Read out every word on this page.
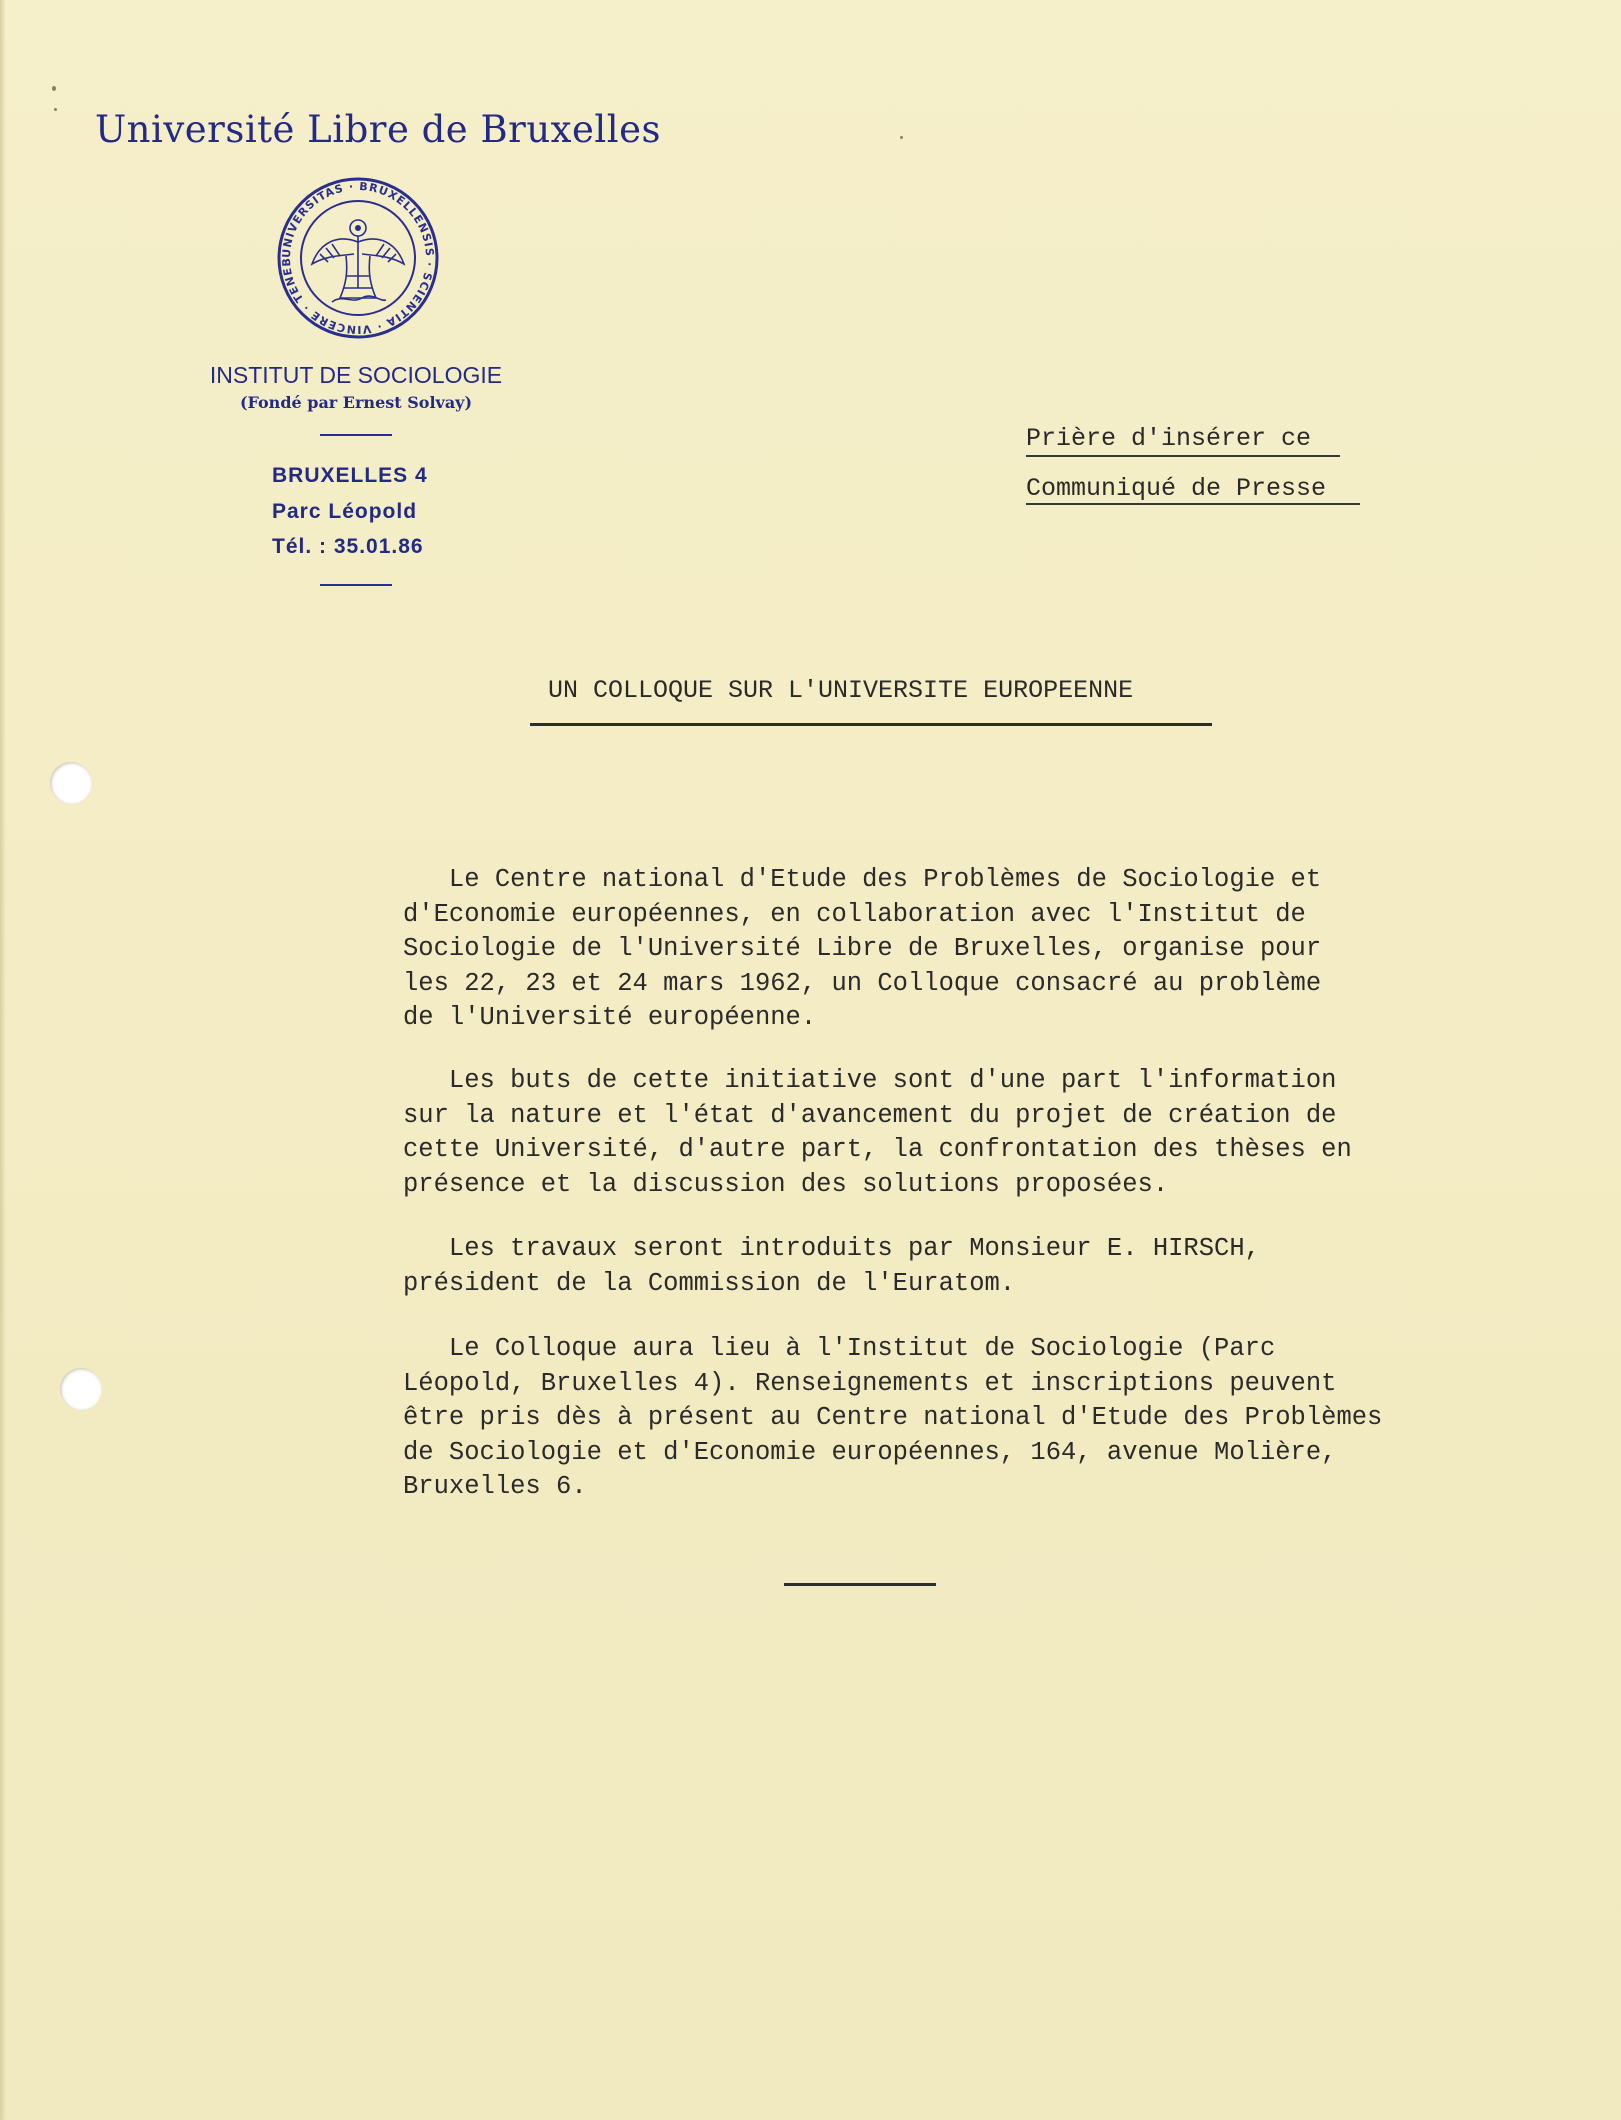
Université Libre de Bruxelles
UNIVERSITAS · BRUXELLENSIS · SCIENTIA · VINCERE · TENEB
INSTITUT DE SOCIOLOGIE
(Fondé par Ernest Solvay)
BRUXELLES 4
Parc Léopold
Tél. : 35.01.86
Prière d'insérer ce
Communiqué de Presse
UN COLLOQUE SUR L'UNIVERSITE EUROPEENNE
Le Centre national d'Etude des Problèmes de Sociologie et
d'Economie européennes, en collaboration avec l'Institut de
Sociologie de l'Université Libre de Bruxelles, organise pour
les 22, 23 et 24 mars 1962, un Colloque consacré au problème
de l'Université européenne.
Les buts de cette initiative sont d'une part l'information
sur la nature et l'état d'avancement du projet de création de
cette Université, d'autre part, la confrontation des thèses en
présence et la discussion des solutions proposées.
Les travaux seront introduits par Monsieur E. HIRSCH,
président de la Commission de l'Euratom.
Le Colloque aura lieu à l'Institut de Sociologie (Parc
Léopold, Bruxelles 4). Renseignements et inscriptions peuvent
être pris dès à présent au Centre national d'Etude des Problèmes
de Sociologie et d'Economie européennes, 164, avenue Molière,
Bruxelles 6.
